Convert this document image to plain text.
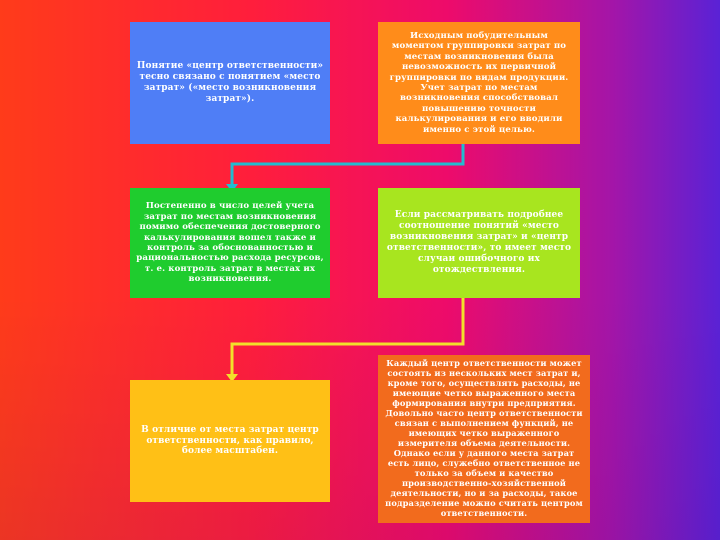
Понятие «центр ответственности» тесно связано с понятием «место затрат» («место возникновения затрат»).
Исходным побудительным моментом группировки затрат по местам возникновения была невозможность их первичной группировки по видам продукции. Учет затрат по местам возникновения способствовал повышению точности калькулирования и его вводили именно с этой целью.
Постепенно в число целей учета затрат по местам возникновения помимо обеспечения достоверного калькулирования вошел также и контроль за обоснованностью и рациональностью расхода ресурсов, т. е. контроль затрат в местах их возникновения.
Если рассматривать подробнее соотношение понятий «место возникновения затрат» и «центр ответственности», то имеет место случаи ошибочного их отождествления.
В отличие от места затрат центр ответственности, как правило, более масштабен.
Каждый центр ответственности может состоять из нескольких мест затрат и, кроме того, осуществлять расходы, не имеющие четко выраженного места формирования внутри предприятия. Довольно часто центр ответственности связан с выполнением функций, не имеющих четко выраженного измерителя объема деятельности. Однако если у данного места затрат есть лицо, служебно ответственное не только за объем и качество производственно-хозяйственной деятельности, но и за расходы, такое подразделение можно считать центром ответственности.
